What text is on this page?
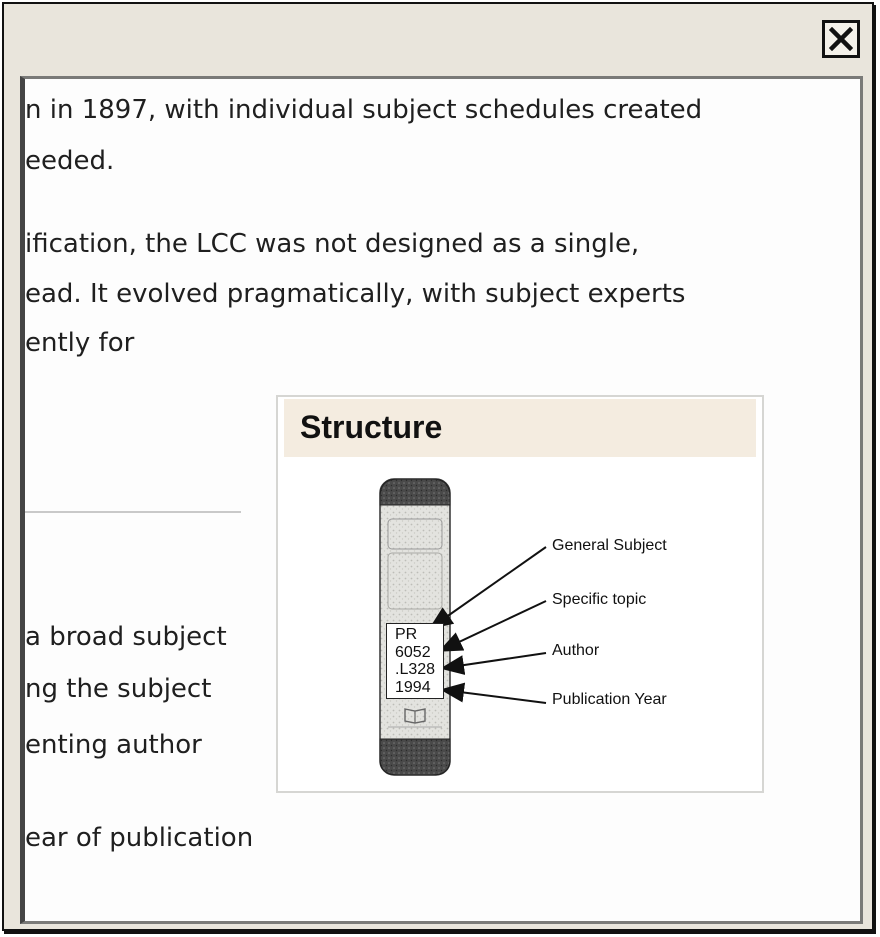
n in 1897, with individual subject schedules created

eeded.

ification, the LCC was not designed as a single,

ead. It evolved pragmatically, with subject experts

ently for

a broad subject

ng the subject

enting author

ear of publication

Structure
PR
6052
.L328
1994
General Subject
Specific topic
Author
Publication Year
